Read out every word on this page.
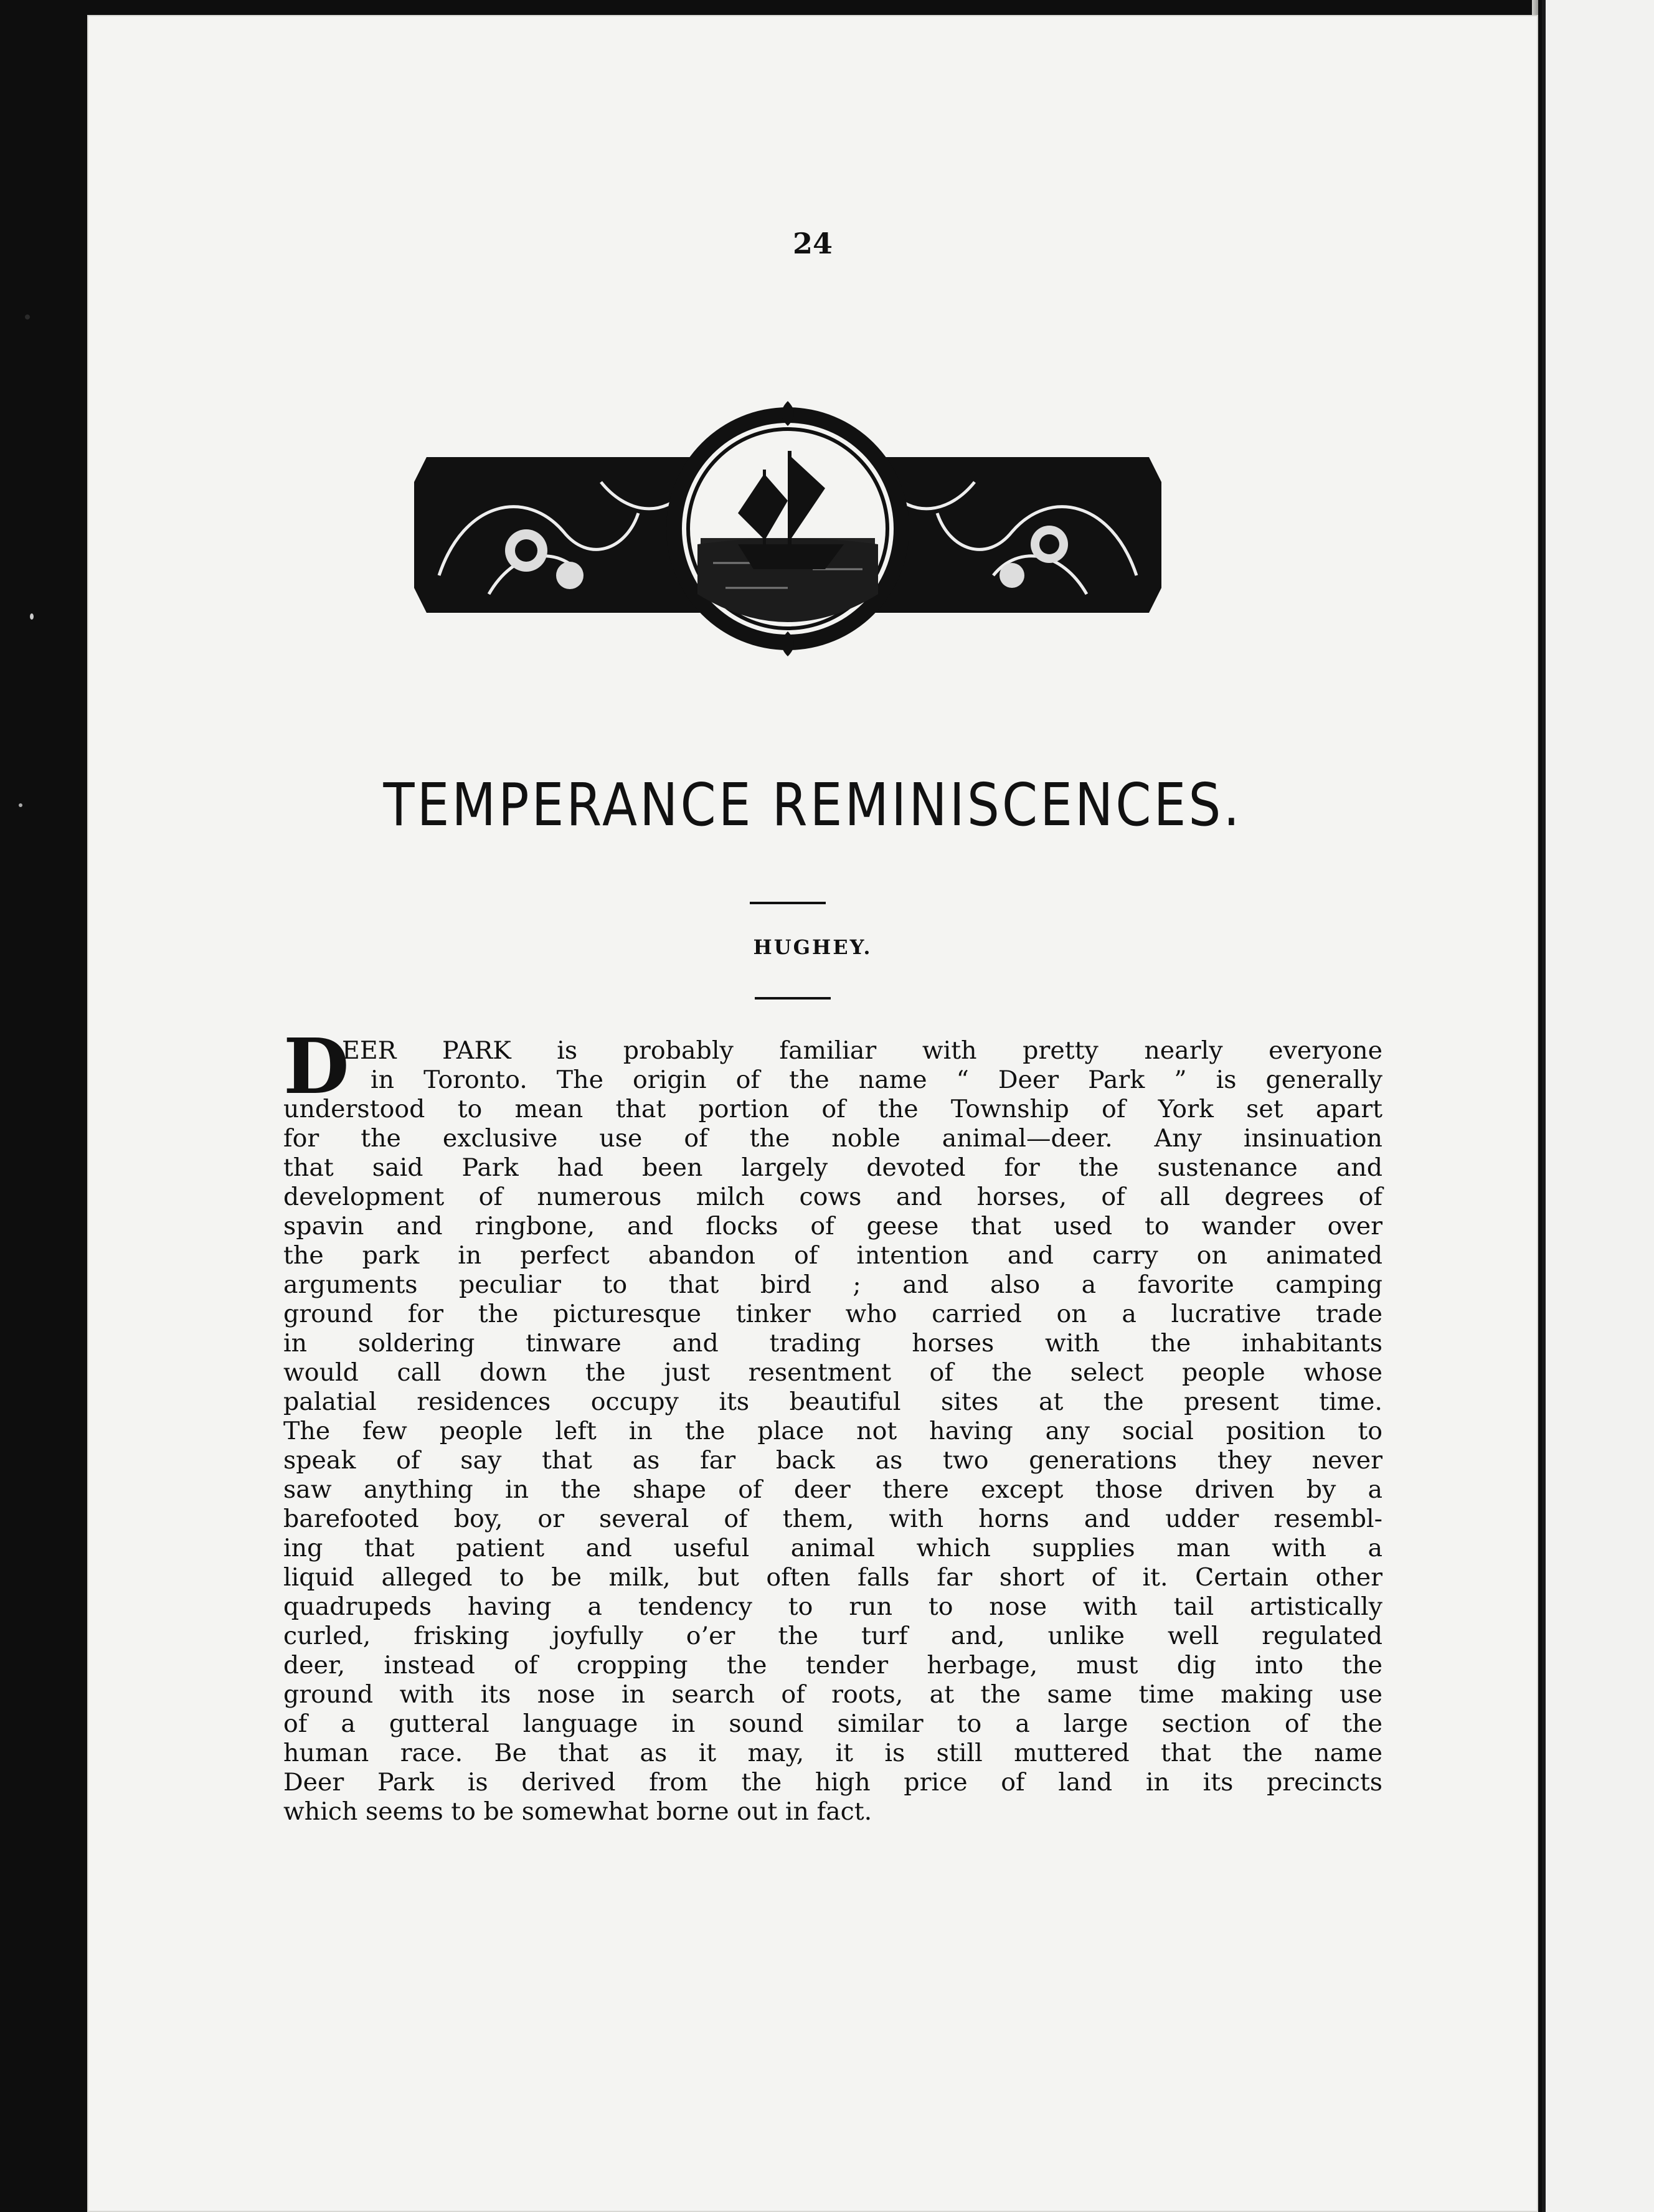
24
TEMPERANCE REMINISCENCES.
HUGHEY.
D
EER PARK is probably familiar with pretty nearly everyone
in Toronto. The origin of the name “ Deer Park ” is generally
understood to mean that portion of the Township of York set apart
for the exclusive use of the noble animal—deer. Any insinuation
that said Park had been largely devoted for the sustenance and
development of numerous milch cows and horses, of all degrees of
spavin and ringbone, and flocks of geese that used to wander over
the park in perfect abandon of intention and carry on animated
arguments peculiar to that bird ; and also a favorite camping
ground for the picturesque tinker who carried on a lucrative trade
in soldering tinware and trading horses with the inhabitants
would call down the just resentment of the select people whose
palatial residences occupy its beautiful sites at the present time.
The few people left in the place not having any social position to
speak of say that as far back as two generations they never
saw anything in the shape of deer there except those driven by a
barefooted boy, or several of them, with horns and udder resembl-
ing that patient and useful animal which supplies man with a
liquid alleged to be milk, but often falls far short of it. Certain other
quadrupeds having a tendency to run to nose with tail artistically
curled, frisking joyfully o’er the turf and, unlike well regulated
deer, instead of cropping the tender herbage, must dig into the
ground with its nose in search of roots, at the same time making use
of a gutteral language in sound similar to a large section of the
human race. Be that as it may, it is still muttered that the name
Deer Park is derived from the high price of land in its precincts
which seems to be somewhat borne out in fact.
